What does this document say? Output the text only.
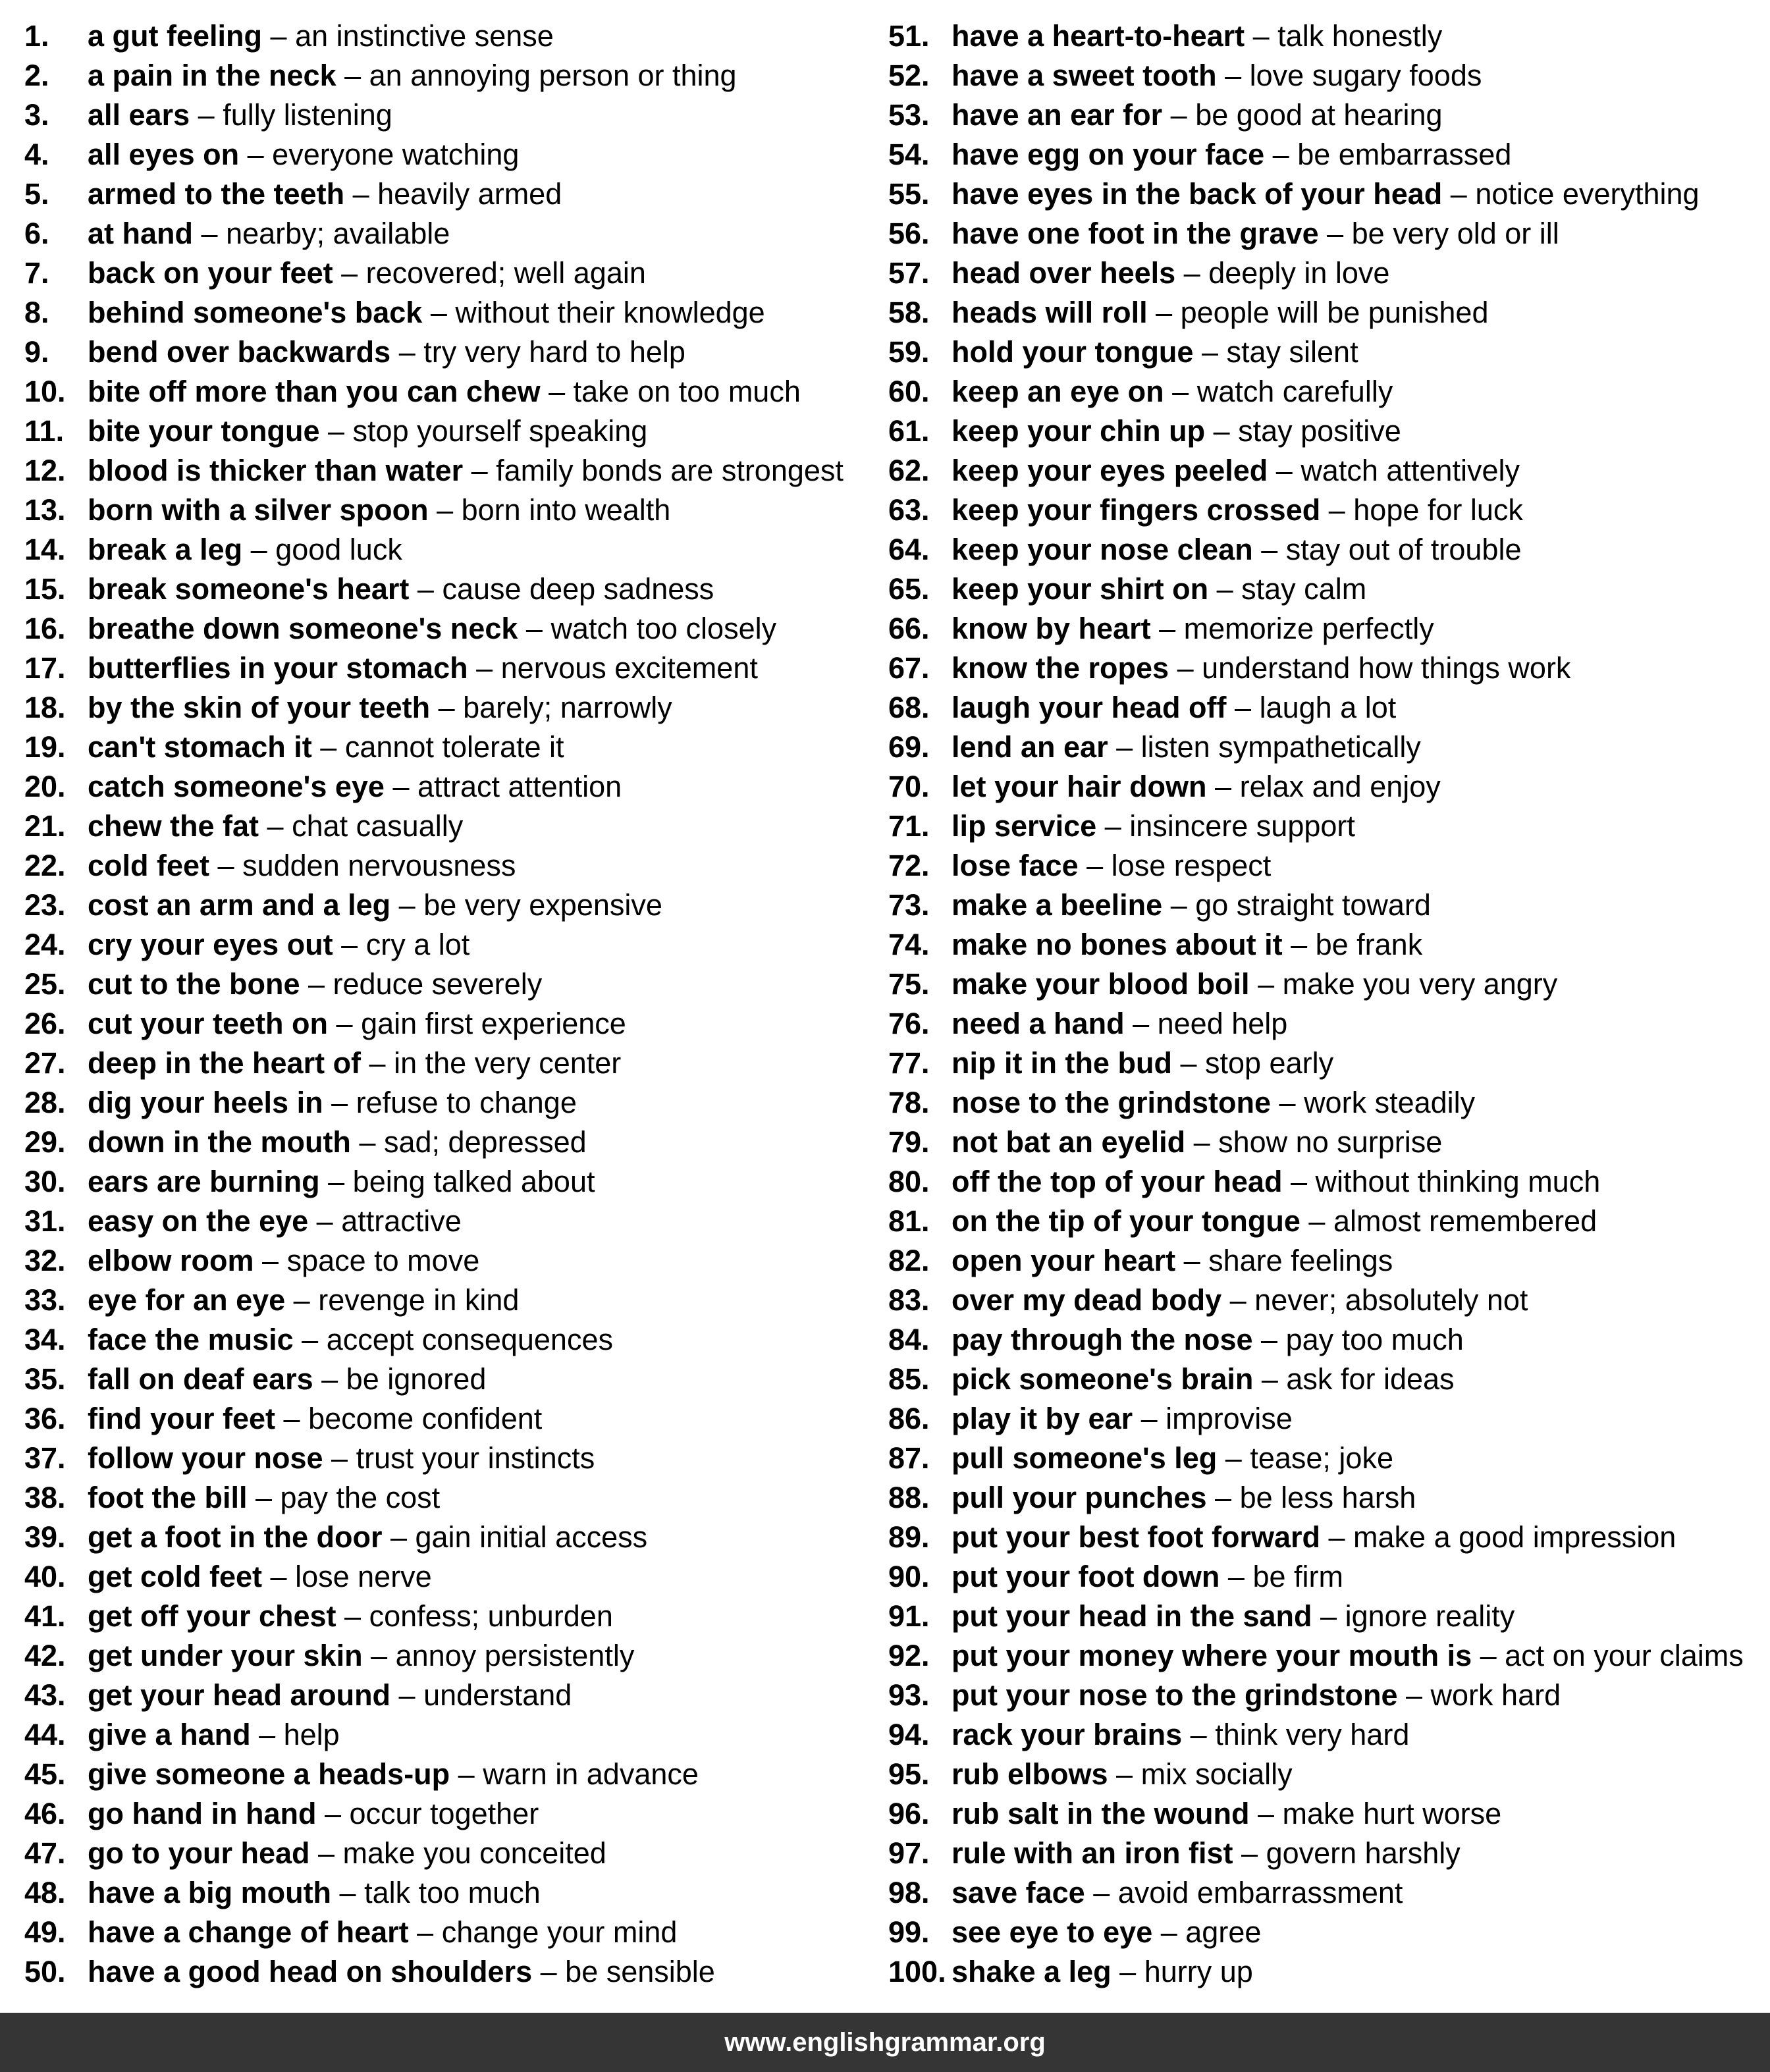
1.	a gut feeling – an instinctive sense
2.	a pain in the neck – an annoying person or thing
3.	all ears – fully listening
4.	all eyes on – everyone watching
5.	armed to the teeth – heavily armed
6.	at hand – nearby; available
7.	back on your feet – recovered; well again
8.	behind someone's back – without their knowledge
9.	bend over backwards – try very hard to help
10. bite off more than you can chew – take on too much
11. bite your tongue – stop yourself speaking
12. blood is thicker than water – family bonds are strongest
13. born with a silver spoon – born into wealth
14. break a leg – good luck
15. break someone's heart – cause deep sadness
16. breathe down someone's neck – watch too closely
17. butterflies in your stomach – nervous excitement
18. by the skin of your teeth – barely; narrowly
19. can't stomach it – cannot tolerate it
20. catch someone's eye – attract attention
21. chew the fat – chat casually
22. cold feet – sudden nervousness
23. cost an arm and a leg – be very expensive
24. cry your eyes out – cry a lot
25. cut to the bone – reduce severely
26. cut your teeth on – gain first experience
27. deep in the heart of – in the very center
28. dig your heels in – refuse to change
29. down in the mouth – sad; depressed
30. ears are burning – being talked about
31. easy on the eye – attractive
32. elbow room – space to move
33. eye for an eye – revenge in kind
34. face the music – accept consequences
35. fall on deaf ears – be ignored
36. find your feet – become confident
37. follow your nose – trust your instincts
38. foot the bill – pay the cost
39. get a foot in the door – gain initial access
40. get cold feet – lose nerve
41. get off your chest – confess; unburden
42. get under your skin – annoy persistently
43. get your head around – understand
44. give a hand – help
45. give someone a heads-up – warn in advance
46. go hand in hand – occur together
47. go to your head – make you conceited
48. have a big mouth – talk too much
49. have a change of heart – change your mind
50. have a good head on shoulders – be sensible
51. have a heart-to-heart – talk honestly
52. have a sweet tooth – love sugary foods
53. have an ear for – be good at hearing
54. have egg on your face – be embarrassed
55. have eyes in the back of your head – notice everything
56. have one foot in the grave – be very old or ill
57. head over heels – deeply in love
58. heads will roll – people will be punished
59. hold your tongue – stay silent
60. keep an eye on – watch carefully
61. keep your chin up – stay positive
62. keep your eyes peeled – watch attentively
63. keep your fingers crossed – hope for luck
64. keep your nose clean – stay out of trouble
65. keep your shirt on – stay calm
66. know by heart – memorize perfectly
67. know the ropes – understand how things work
68. laugh your head off – laugh a lot
69. lend an ear – listen sympathetically
70. let your hair down – relax and enjoy
71. lip service – insincere support
72. lose face – lose respect
73. make a beeline – go straight toward
74. make no bones about it – be frank
75. make your blood boil – make you very angry
76. need a hand – need help
77. nip it in the bud – stop early
78. nose to the grindstone – work steadily
79. not bat an eyelid – show no surprise
80. off the top of your head – without thinking much
81. on the tip of your tongue – almost remembered
82. open your heart – share feelings
83. over my dead body – never; absolutely not
84. pay through the nose – pay too much
85. pick someone's brain – ask for ideas
86. play it by ear – improvise
87. pull someone's leg – tease; joke
88. pull your punches – be less harsh
89. put your best foot forward – make a good impression
90. put your foot down – be firm
91. put your head in the sand – ignore reality
92. put your money where your mouth is – act on your claims
93. put your nose to the grindstone – work hard
94. rack your brains – think very hard
95. rub elbows – mix socially
96. rub salt in the wound – make hurt worse
97. rule with an iron fist – govern harshly
98. save face – avoid embarrassment
99. see eye to eye – agree
100. shake a leg – hurry up
www.englishgrammar.org
